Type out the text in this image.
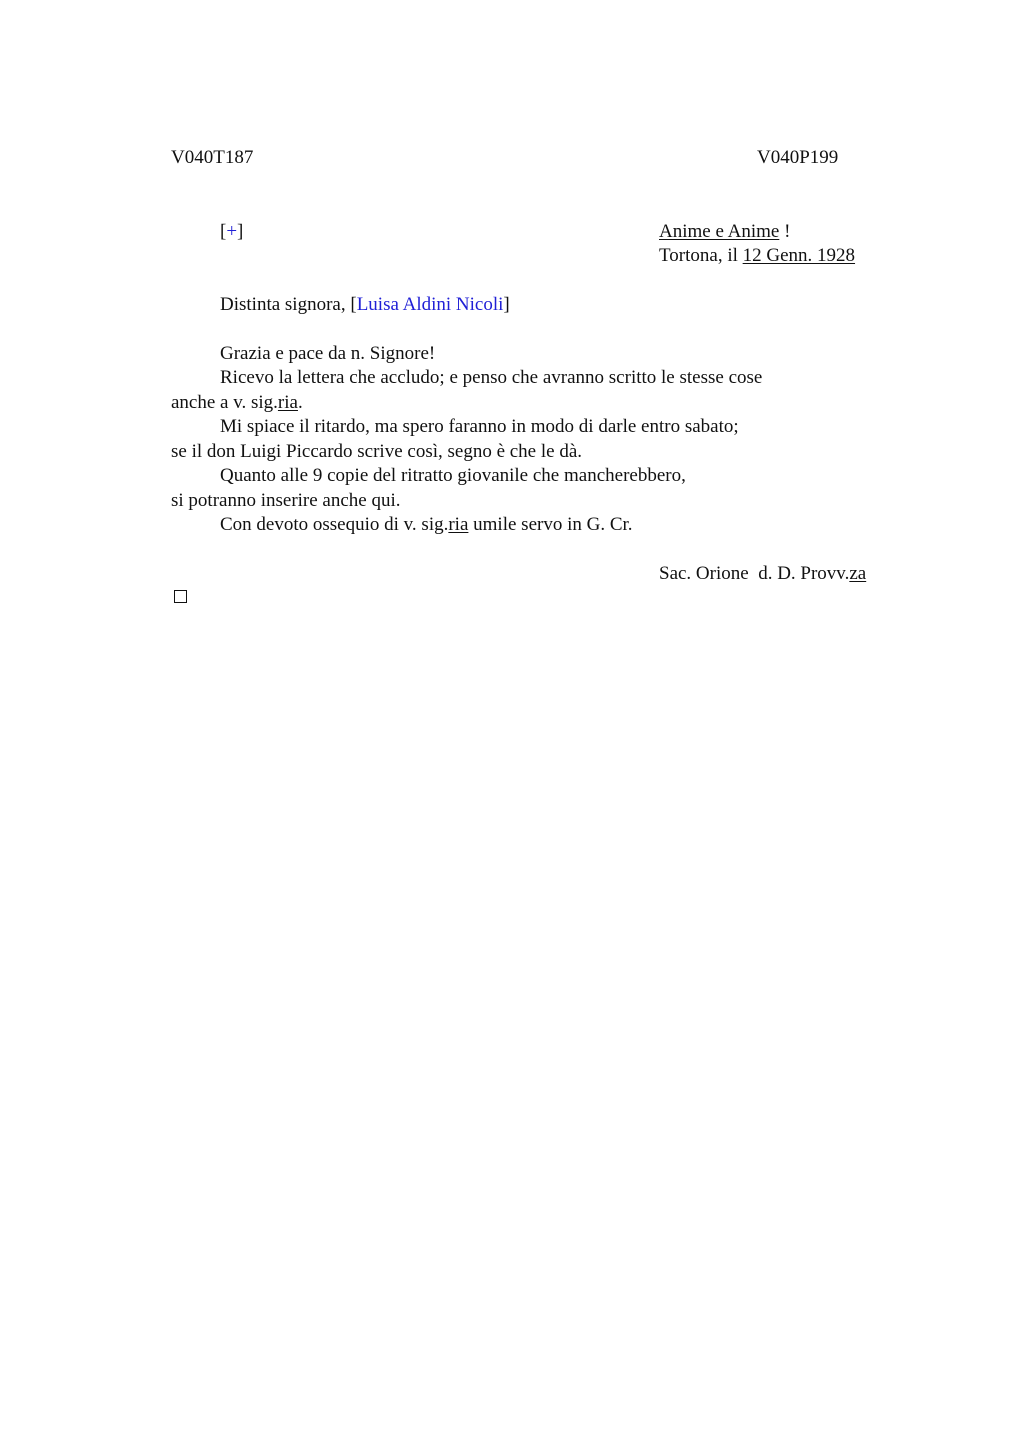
V040T187	V040P199
[+]	Anime e Anime !
Tortona, il 12 Genn. 1928
Distinta signora, [Luisa Aldini Nicoli]
Grazia e pace da n. Signore!
Ricevo la lettera che accludo; e penso che avranno scritto le stesse cose
anche a v. sig.ria.
Mi spiace il ritardo, ma spero faranno in modo di darle entro sabato;
se il don Luigi Piccardo scrive così, segno è che le dà.
Quanto alle 9 copie del ritratto giovanile che mancherebbero,
si potranno inserire anche qui.
Con devoto ossequio di v. sig.ria umile servo in G. Cr.
Sac. Orione  d. D. Provv.za
